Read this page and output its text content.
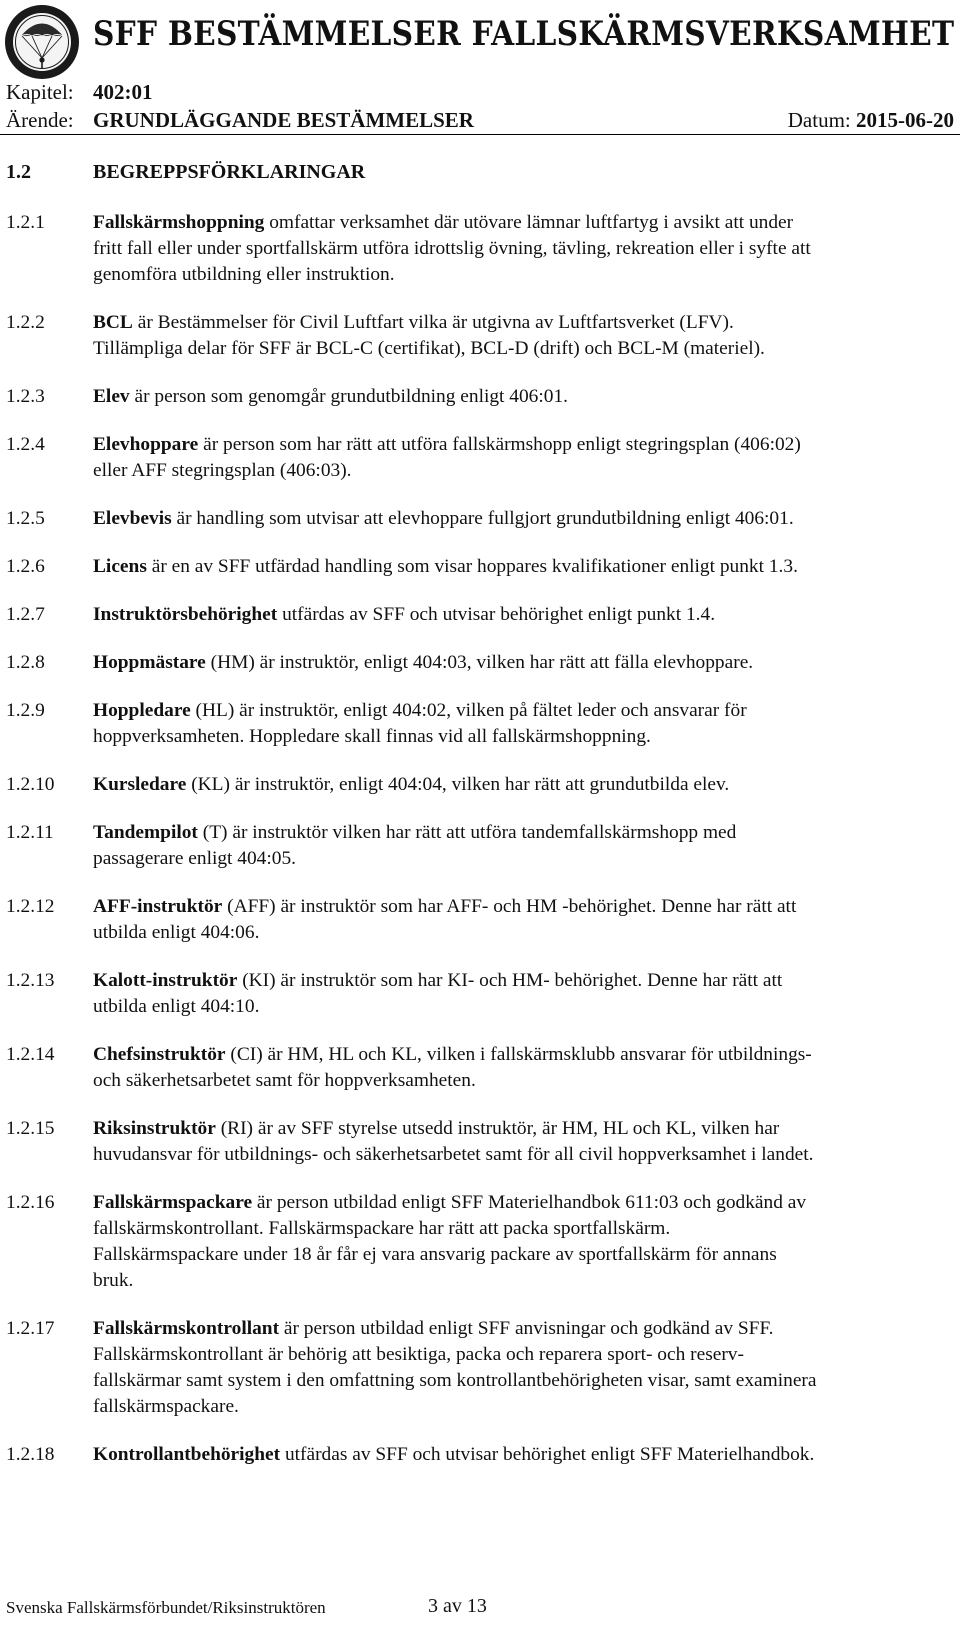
SFF BESTÄMMELSER FALLSKÄRMSVERKSAMHET
Kapitel: 402:01
Ärende: GRUNDLÄGGANDE BESTÄMMELSER	Datum: 2015-06-20
1.2	BEGREPPSFÖRKLARINGAR
1.2.1	Fallskärmshoppning omfattar verksamhet där utövare lämnar luftfartyg i avsikt att under
fritt fall eller under sportfallskärm utföra idrottslig övning, tävling, rekreation eller i syfte att
genomföra utbildning eller instruktion.
1.2.2	BCL är Bestämmelser för Civil Luftfart vilka är utgivna av Luftfartsverket (LFV).
Tillämpliga delar för SFF är BCL-C (certifikat), BCL-D (drift) och BCL-M (materiel).
1.2.3	Elev är person som genomgår grundutbildning enligt 406:01.
1.2.4	Elevhoppare är person som har rätt att utföra fallskärmshopp enligt stegringsplan (406:02)
eller AFF stegringsplan (406:03).
1.2.5	Elevbevis är handling som utvisar att elevhoppare fullgjort grundutbildning enligt 406:01.
1.2.6	Licens är en av SFF utfärdad handling som visar hoppares kvalifikationer enligt punkt 1.3.
1.2.7	Instruktörsbehörighet utfärdas av SFF och utvisar behörighet enligt punkt 1.4.
1.2.8	Hoppmästare (HM) är instruktör, enligt 404:03, vilken har rätt att fälla elevhoppare.
1.2.9	Hoppledare (HL) är instruktör, enligt 404:02, vilken på fältet leder och ansvarar för
hoppverksamheten. Hoppledare skall finnas vid all fallskärmshoppning.
1.2.10	Kursledare (KL) är instruktör, enligt 404:04, vilken har rätt att grundutbilda elev.
1.2.11	Tandempilot (T) är instruktör vilken har rätt att utföra tandemfallskärmshopp med
passagerare enligt 404:05.
1.2.12	AFF-instruktör (AFF) är instruktör som har AFF- och HM -behörighet. Denne har rätt att
utbilda enligt 404:06.
1.2.13	Kalott-instruktör (KI) är instruktör som har KI- och HM- behörighet. Denne har rätt att
utbilda enligt 404:10.
1.2.14	Chefsinstruktör (CI) är HM, HL och KL, vilken i fallskärmsklubb ansvarar för utbildnings-
och säkerhetsarbetet samt för hoppverksamheten.
1.2.15	Riksinstruktör (RI) är av SFF styrelse utsedd instruktör, är HM, HL och KL, vilken har
huvudansvar för utbildnings- och säkerhetsarbetet samt för all civil hoppverksamhet i landet.
1.2.16	Fallskärmspackare är person utbildad enligt SFF Materielhandbok 611:03 och godkänd av
fallskärmskontrollant. Fallskärmspackare har rätt att packa sportfallskärm.
Fallskärmspackare under 18 år får ej vara ansvarig packare av sportfallskärm för annans
bruk.
1.2.17	Fallskärmskontrollant är person utbildad enligt SFF anvisningar och godkänd av SFF.
Fallskärmskontrollant är behörig att besiktiga, packa och reparera sport- och reserv-
fallskärmar samt system i den omfattning som kontrollantbehörigheten visar, samt examinera
fallskärmspackare.
1.2.18	Kontrollantbehörighet utfärdas av SFF och utvisar behörighet enligt SFF Materielhandbok.
Svenska Fallskärmsförbundet/Riksinstruktören	3 av 13
